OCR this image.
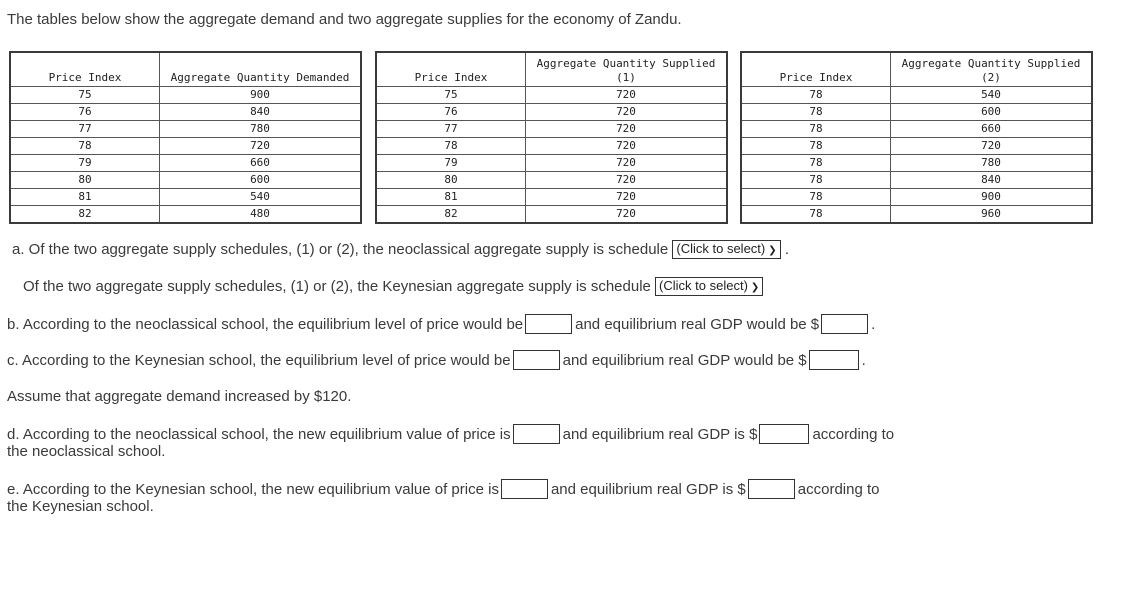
The tables below show the aggregate demand and two aggregate supplies for the economy of Zandu.
Price Index	Aggregate Quantity Demanded
75	900
76	840
77	780
78	720
79	660
80	600
81	540
82	480
Price Index	Aggregate Quantity Supplied (1)
75	720
76	720
77	720
78	720
79	720
80	720
81	720
82	720
Price Index	Aggregate Quantity Supplied (2)
78	540
78	600
78	660
78	720
78	780
78	840
78	900
78	960
a. Of the two aggregate supply schedules, (1) or (2), the neoclassical aggregate supply is schedule (Click to select) ❯ .
Of the two aggregate supply schedules, (1) or (2), the Keynesian aggregate supply is schedule (Click to select) ❯
b. According to the neoclassical school, the equilibrium level of price would be	and equilibrium real GDP would be $	.
c. According to the Keynesian school, the equilibrium level of price would be	and equilibrium real GDP would be $	.
Assume that aggregate demand increased by $120.
d. According to the neoclassical school, the new equilibrium value of price is	and equilibrium real GDP is $	according to
the neoclassical school.
e. According to the Keynesian school, the new equilibrium value of price is	and equilibrium real GDP is $	according to
the Keynesian school.
